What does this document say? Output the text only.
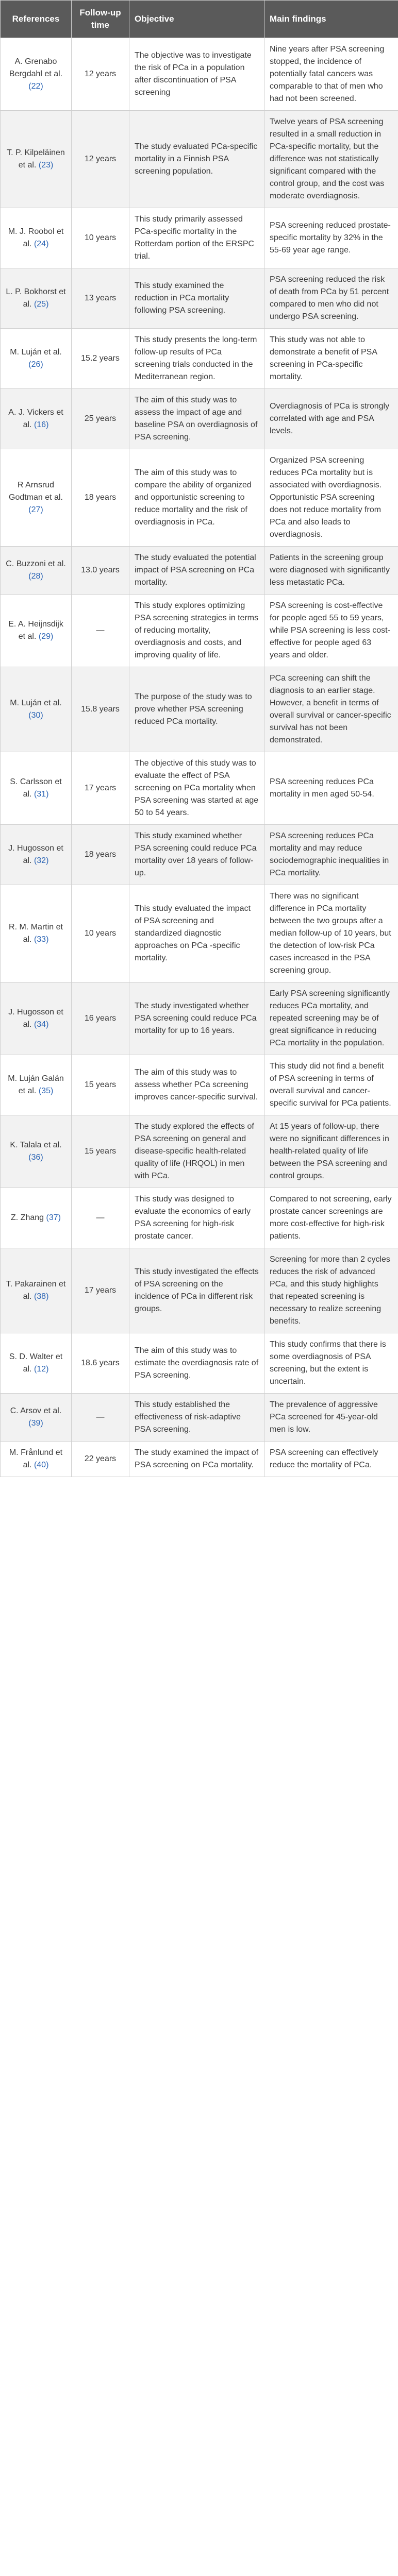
References	Follow-up time	Objective	Main findings
A. Grenabo Bergdahl et al. (22)	12 years	The objective was to investigate the risk of PCa in a population after discontinuation of PSA screening	Nine years after PSA screening stopped, the incidence of potentially fatal cancers was comparable to that of men who had not been screened.
T. P. Kilpeläinen et al. (23)	12 years	The study evaluated PCa-specific mortality in a Finnish PSA screening population.	Twelve years of PSA screening resulted in a small reduction in PCa-specific mortality, but the difference was not statistically significant compared with the control group, and the cost was moderate overdiagnosis.
M. J. Roobol et al. (24)	10 years	This study primarily assessed PCa-specific mortality in the Rotterdam portion of the ERSPC trial.	PSA screening reduced prostate-specific mortality by 32% in the 55-69 year age range.
L. P. Bokhorst et al. (25)	13 years	This study examined the reduction in PCa mortality following PSA screening.	PSA screening reduced the risk of death from PCa by 51 percent compared to men who did not undergo PSA screening.
M. Luján et al. (26)	15.2 years	This study presents the long-term follow-up results of PCa screening trials conducted in the Mediterranean region.	This study was not able to demonstrate a benefit of PSA screening in PCa-specific mortality.
A. J. Vickers et al. (16)	25 years	The aim of this study was to assess the impact of age and baseline PSA on overdiagnosis of PSA screening.	Overdiagnosis of PCa is strongly correlated with age and PSA levels.
R Arnsrud Godtman et al. (27)	18 years	The aim of this study was to compare the ability of organized and opportunistic screening to reduce mortality and the risk of overdiagnosis in PCa.	Organized PSA screening reduces PCa mortality but is associated with overdiagnosis. Opportunistic PSA screening does not reduce mortality from PCa and also leads to overdiagnosis.
C. Buzzoni et al. (28)	13.0 years	The study evaluated the potential impact of PSA screening on PCa mortality.	Patients in the screening group were diagnosed with significantly less metastatic PCa.
E. A. Heijnsdijk et al. (29)	—	This study explores optimizing PSA screening strategies in terms of reducing mortality, overdiagnosis and costs, and improving quality of life.	PSA screening is cost-effective for people aged 55 to 59 years, while PSA screening is less cost-effective for people aged 63 years and older.
M. Luján et al. (30)	15.8 years	The purpose of the study was to prove whether PSA screening reduced PCa mortality.	PCa screening can shift the diagnosis to an earlier stage. However, a benefit in terms of overall survival or cancer-specific survival has not been demonstrated.
S. Carlsson et al. (31)	17 years	The objective of this study was to evaluate the effect of PSA screening on PCa mortality when PSA screening was started at age 50 to 54 years.	PSA screening reduces PCa mortality in men aged 50-54.
J. Hugosson et al. (32)	18 years	This study examined whether PSA screening could reduce PCa mortality over 18 years of follow-up.	PSA screening reduces PCa mortality and may reduce sociodemographic inequalities in PCa mortality.
R. M. Martin et al. (33)	10 years	This study evaluated the impact of PSA screening and standardized diagnostic approaches on PCa -specific mortality.	There was no significant difference in PCa mortality between the two groups after a median follow-up of 10 years, but the detection of low-risk PCa cases increased in the PSA screening group.
J. Hugosson et al. (34)	16 years	The study investigated whether PSA screening could reduce PCa mortality for up to 16 years.	Early PSA screening significantly reduces PCa mortality, and repeated screening may be of great significance in reducing PCa mortality in the population.
M. Luján Galán et al. (35)	15 years	The aim of this study was to assess whether PCa screening improves cancer-specific survival.	This study did not find a benefit of PSA screening in terms of overall survival and cancer-specific survival for PCa patients.
K. Talala et al. (36)	15 years	The study explored the effects of PSA screening on general and disease-specific health-related quality of life (HRQOL) in men with PCa.	At 15 years of follow-up, there were no significant differences in health-related quality of life between the PSA screening and control groups.
Z. Zhang (37)	—	This study was designed to evaluate the economics of early PSA screening for high-risk prostate cancer.	Compared to not screening, early prostate cancer screenings are more cost-effective for high-risk patients.
T. Pakarainen et al. (38)	17 years	This study investigated the effects of PSA screening on the incidence of PCa in different risk groups.	Screening for more than 2 cycles reduces the risk of advanced PCa, and this study highlights that repeated screening is necessary to realize screening benefits.
S. D. Walter et al. (12)	18.6 years	The aim of this study was to estimate the overdiagnosis rate of PSA screening.	This study confirms that there is some overdiagnosis of PSA screening, but the extent is uncertain.
C. Arsov et al. (39)	—	This study established the effectiveness of risk-adaptive PSA screening.	The prevalence of aggressive PCa screened for 45-year-old men is low.
M. Frånlund et al. (40)	22 years	The study examined the impact of PSA screening on PCa mortality.	PSA screening can effectively reduce the mortality of PCa.
